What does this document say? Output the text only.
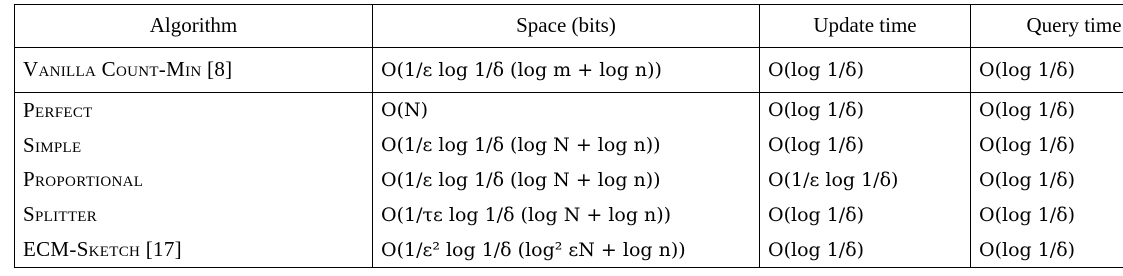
Algorithm	Space (bits)	Update time	Query time
Vanilla Count-Min [8]	O(1/ε log 1/δ (log m + log n))	O(log 1/δ)	O(log 1/δ)
Perfect	O(N)	O(log 1/δ)	O(log 1/δ)
Simple	O(1/ε log 1/δ (log N + log n))	O(log 1/δ)	O(log 1/δ)
Proportional	O(1/ε log 1/δ (log N + log n))	O(1/ε log 1/δ)	O(log 1/δ)
Splitter	O(1/τε log 1/δ (log N + log n))	O(log 1/δ)	O(log 1/δ)
ECM-Sketch [17]	O(1/ε² log 1/δ (log² εN + log n))	O(log 1/δ)	O(log 1/δ)
